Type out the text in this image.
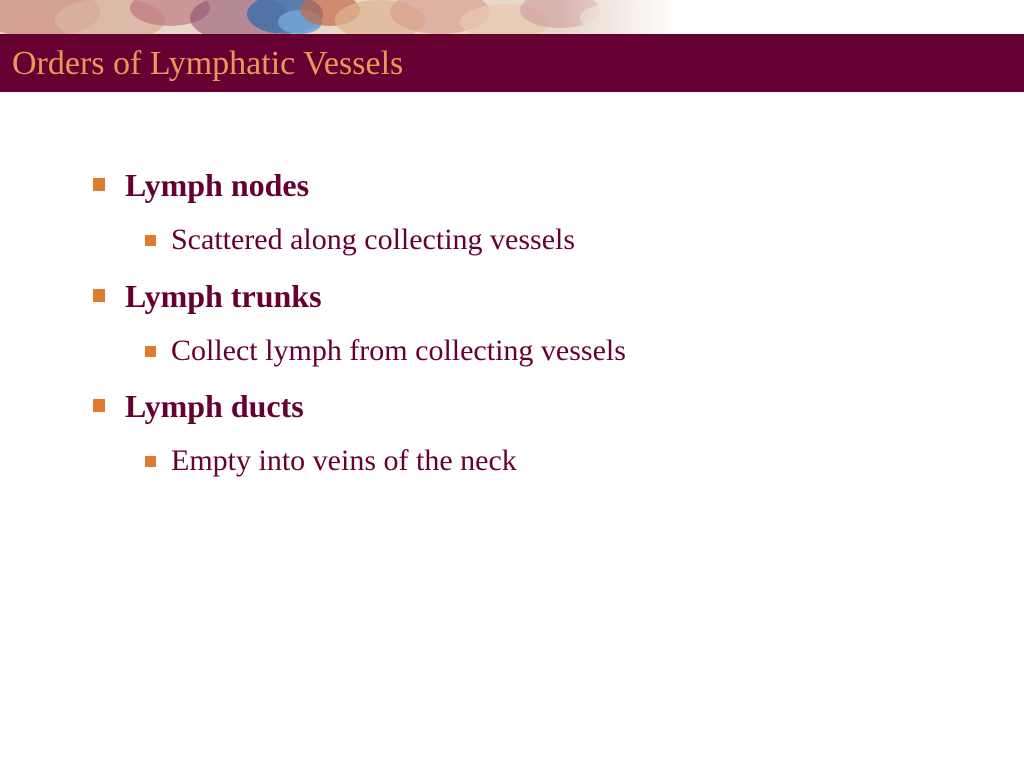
Orders of Lymphatic Vessels
Lymph nodes
Scattered along collecting vessels
Lymph trunks
Collect lymph from collecting vessels
Lymph ducts
Empty into veins of the neck
